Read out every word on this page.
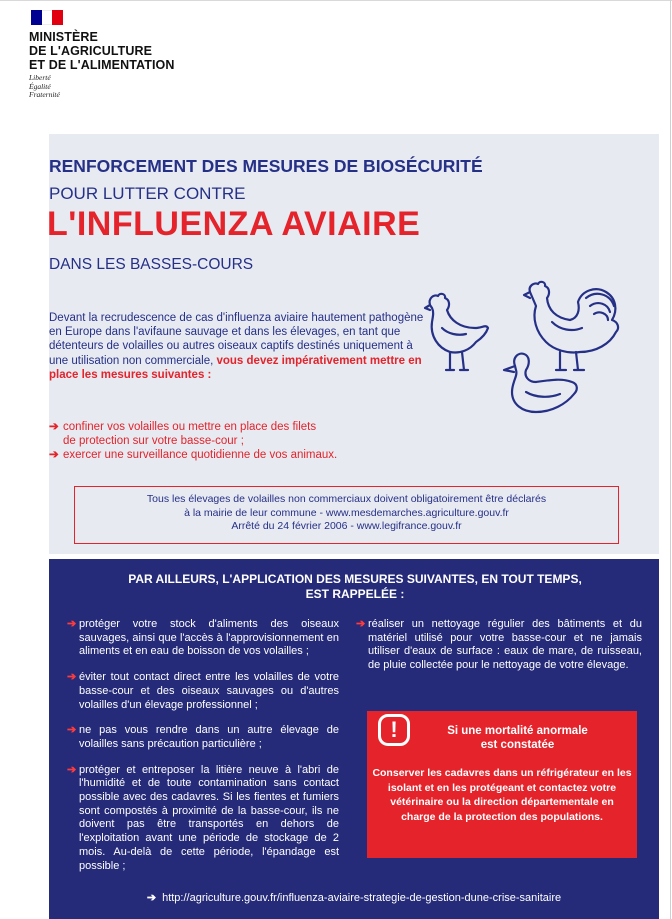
MINISTÈRE
DE L'AGRICULTURE
ET DE L'ALIMENTATION
Liberté
Égalité
Fraternité
RENFORCEMENT DES MESURES DE BIOSÉCURITÉ
POUR LUTTER CONTRE
L'INFLUENZA AVIAIRE
DANS LES BASSES-COURS
Devant la recrudescence de cas d'influenza aviaire hautement pathogène en Europe dans l'avifaune sauvage et dans les élevages, en tant que détenteurs de volailles ou autres oiseaux captifs destinés uniquement à une utilisation non commerciale, vous devez impérativement mettre en place les mesures suivantes :
➔ confiner vos volailles ou mettre en place des filets
de protection sur votre basse-cour ;
➔ exercer une surveillance quotidienne de vos animaux.
Tous les élevages de volailles non commerciaux doivent obligatoirement être déclarés
à la mairie de leur commune - www.mesdemarches.agriculture.gouv.fr
Arrêté du 24 février 2006 - www.legifrance.gouv.fr
PAR AILLEURS, L'APPLICATION DES MESURES SUIVANTES, EN TOUT TEMPS,
EST RAPPELÉE :
➔ protéger votre stock d'aliments des oiseaux sauvages, ainsi que l'accès à l'approvisionnement en aliments et en eau de boisson de vos volailles ;
➔ éviter tout contact direct entre les volailles de votre basse-cour et des oiseaux sauvages ou d'autres volailles d'un élevage professionnel ;
➔ ne pas vous rendre dans un autre élevage de volailles sans précaution particulière ;
➔ protéger et entreposer la litière neuve à l'abri de l'humidité et de toute contamination sans contact possible avec des cadavres. Si les fientes et fumiers sont compostés à proximité de la basse-cour, ils ne doivent pas être transportés en dehors de l'exploitation avant une période de stockage de 2 mois. Au-delà de cette période, l'épandage est possible ;
➔ réaliser un nettoyage régulier des bâtiments et du matériel utilisé pour votre basse-cour et ne jamais utiliser d'eaux de surface : eaux de mare, de ruisseau, de pluie collectée pour le nettoyage de votre élevage.
!	Si une mortalité anormale
est constatée
Conserver les cadavres dans un réfrigérateur en les isolant et en les protégeant et contactez votre vétérinaire ou la direction départementale en charge de la protection des populations.
➔ http://agriculture.gouv.fr/influenza-aviaire-strategie-de-gestion-dune-crise-sanitaire
